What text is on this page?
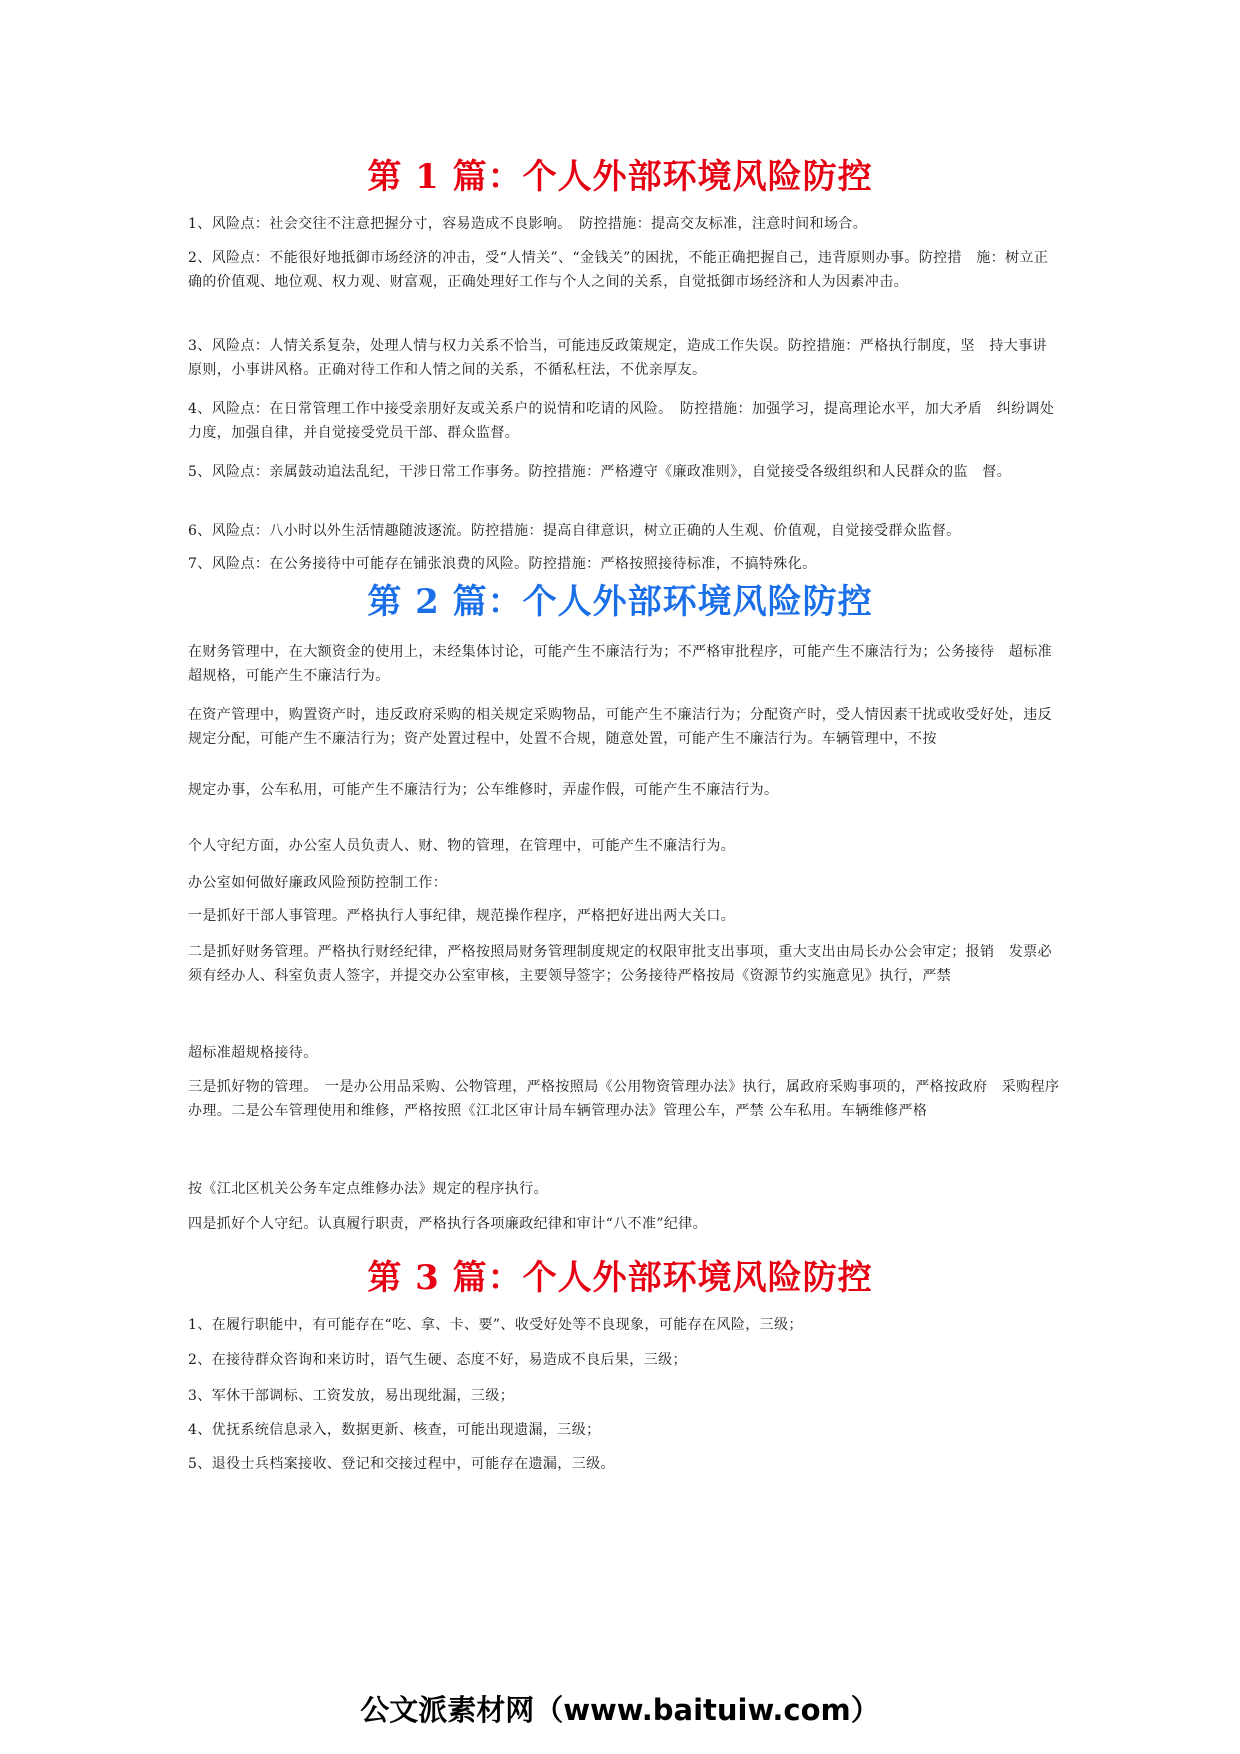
第 1 篇：个人外部环境风险防控

1、风险点：社会交往不注意把握分寸，容易造成不良影响。　防控措施：提高交友标准，注意时间和场合。

2、风险点：不能很好地抵御市场经济的冲击，受“人情关”、“金钱关”的困扰，不能正确把握自己，违背原则办事。防控措　施：树立正确的价值观、地位观、权力观、财富观，正确处理好工作与个人之间的关系，自觉抵御市场经济和人为因素冲击。

3、风险点：人情关系复杂，处理人情与权力关系不恰当，可能违反政策规定，造成工作失误。防控措施：严格执行制度，坚　持大事讲原则，小事讲风格。正确对待工作和人情之间的关系，不循私枉法，不优亲厚友。

4、风险点：在日常管理工作中接受亲朋好友或关系户的说情和吃请的风险。　防控措施：加强学习，提高理论水平，加大矛盾　纠纷调处力度，加强自律，并自觉接受党员干部、群众监督。

5、风险点：亲属鼓动追法乱纪，干涉日常工作事务。防控措施：严格遵守《廉政准则》，自觉接受各级组织和人民群众的监　督。

6、风险点：八小时以外生活情趣随波逐流。防控措施：提高自律意识，树立正确的人生观、价值观，自觉接受群众监督。

7、风险点：在公务接待中可能存在铺张浪费的风险。防控措施：严格按照接待标准，不搞特殊化。

第 2 篇：个人外部环境风险防控

在财务管理中，在大额资金的使用上，未经集体讨论，可能产生不廉洁行为；不严格审批程序，可能产生不廉洁行为；公务接待　超标准超规格，可能产生不廉洁行为。

在资产管理中，购置资产时，违反政府采购的相关规定采购物品，可能产生不廉洁行为；分配资产时，受人情因素干扰或收受好处，违反规定分配，可能产生不廉洁行为；资产处置过程中，处置不合规，随意处置，可能产生不廉洁行为。车辆管理中，不按

规定办事，公车私用，可能产生不廉洁行为；公车维修时，弄虚作假，可能产生不廉洁行为。

个人守纪方面，办公室人员负责人、财、物的管理，在管理中，可能产生不廉洁行为。

办公室如何做好廉政风险预防控制工作：

一是抓好干部人事管理。严格执行人事纪律，规范操作程序，严格把好进出两大关口。

二是抓好财务管理。严格执行财经纪律，严格按照局财务管理制度规定的权限审批支出事项，重大支出由局长办公会审定；报销　发票必须有经办人、科室负责人签字，并提交办公室审核，主要领导签字；公务接待严格按局《资源节约实施意见》执行，严禁

超标准超规格接待。

三是抓好物的管理。　一是办公用品采购、公物管理，严格按照局《公用物资管理办法》执行，属政府采购事项的，严格按政府　采购程序办理。二是公车管理使用和维修，严格按照《江北区审计局车辆管理办法》管理公车，严禁 公车私用。车辆维修严格

按《江北区机关公务车定点维修办法》规定的程序执行。

四是抓好个人守纪。认真履行职责，严格执行各项廉政纪律和审计“八不准”纪律。

第 3 篇：个人外部环境风险防控

1、在履行职能中，有可能存在“吃、拿、卡、要”、收受好处等不良现象，可能存在风险，三级；

2、在接待群众咨询和来访时，语气生硬、态度不好，易造成不良后果，三级；

3、军休干部调标、工资发放，易出现纰漏，三级；

4、优抚系统信息录入，数据更新、核查，可能出现遗漏，三级；

5、退役士兵档案接收、登记和交接过程中，可能存在遗漏，三级。

公文派素材网（www.baituiw.com）
